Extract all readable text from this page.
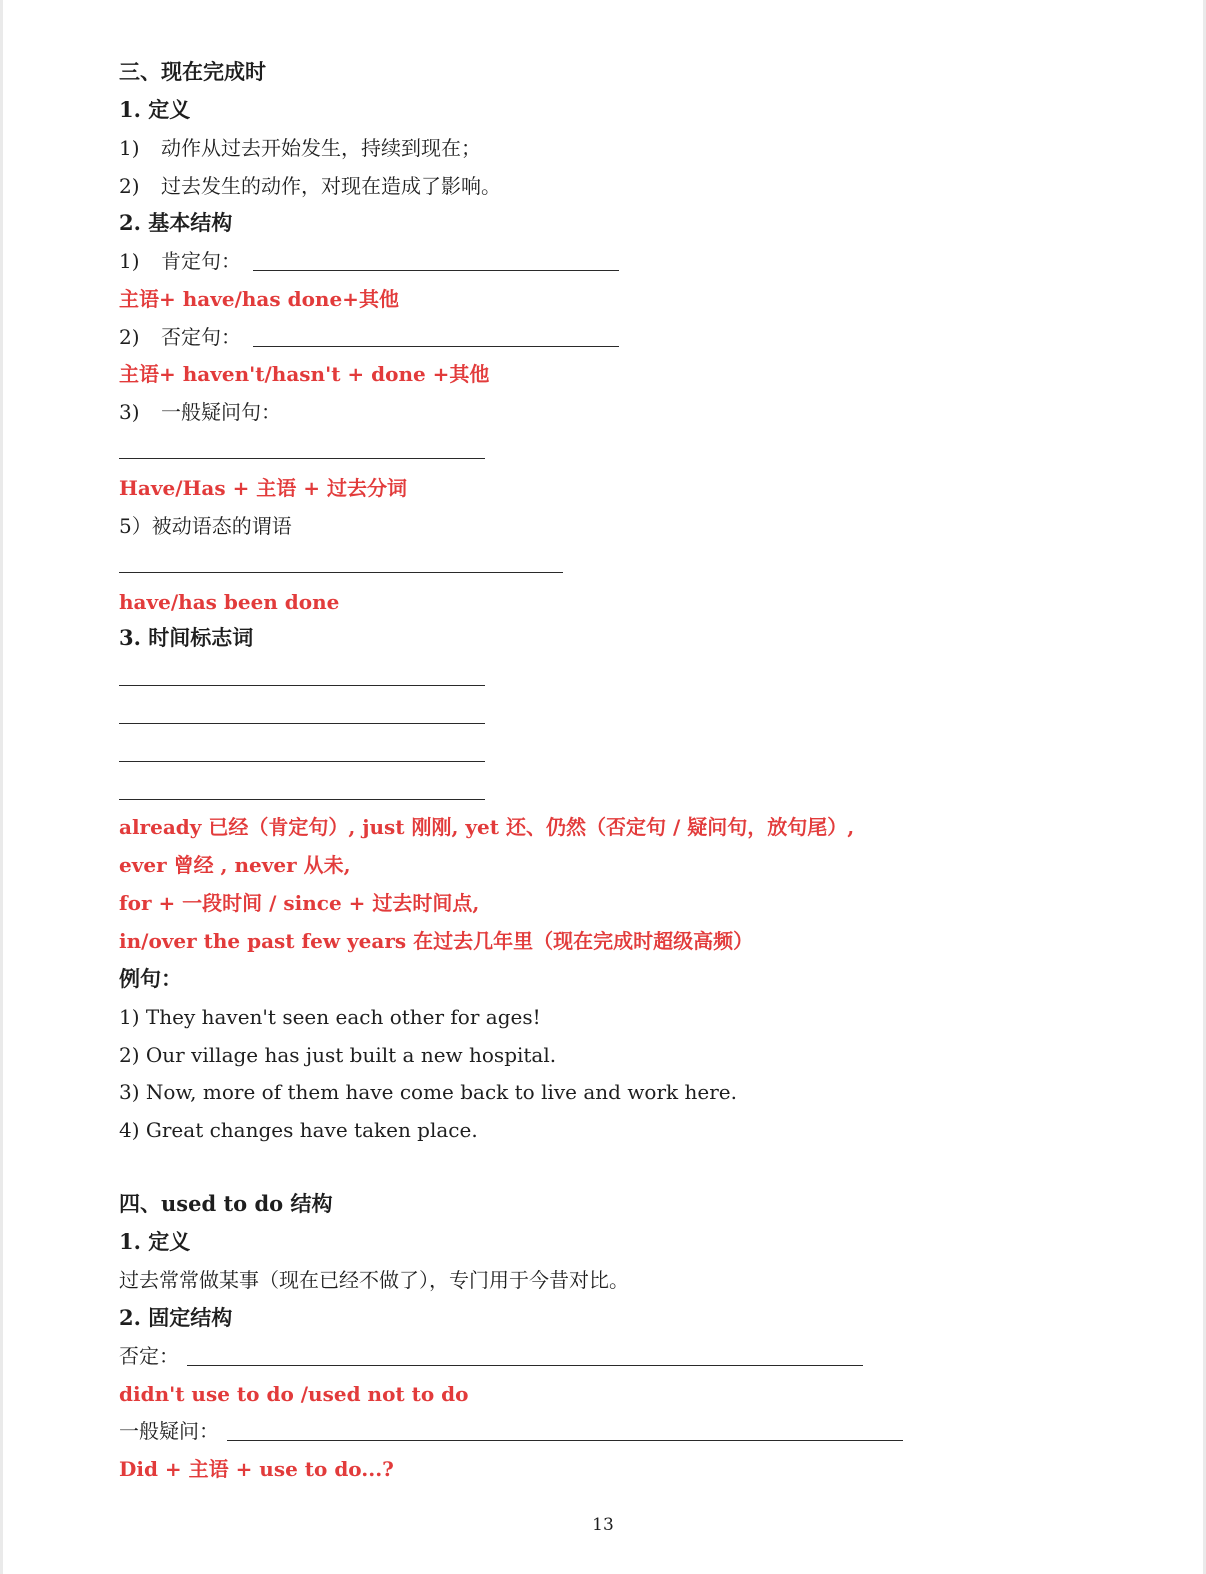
三、现在完成时
1. 定义
1) 动作从过去开始发生，持续到现在；
2) 过去发生的动作，对现在造成了影响。
2. 基本结构
1) 肯定句：
主语+ have/has done+其他
2) 否定句：
主语+ haven't/hasn't + done +其他
3) 一般疑问句：
Have/Has + 主语 + 过去分词
5）被动语态的谓语
have/has been done
3. 时间标志词
already 已经（肯定句）, just 刚刚, yet 还、仍然（否定句 / 疑问句，放句尾）,
ever 曾经 , never 从未,
for + 一段时间 / since + 过去时间点,
in/over the past few years 在过去几年里（现在完成时超级高频）
例句：
1) They haven't seen each other for ages!
2) Our village has just built a new hospital.
3) Now, more of them have come back to live and work here.
4) Great changes have taken place.
四、used to do 结构
1. 定义
过去常常做某事（现在已经不做了），专门用于今昔对比。
2. 固定结构
否定：
didn't use to do /used not to do
一般疑问：
Did + 主语 + use to do...?
13
